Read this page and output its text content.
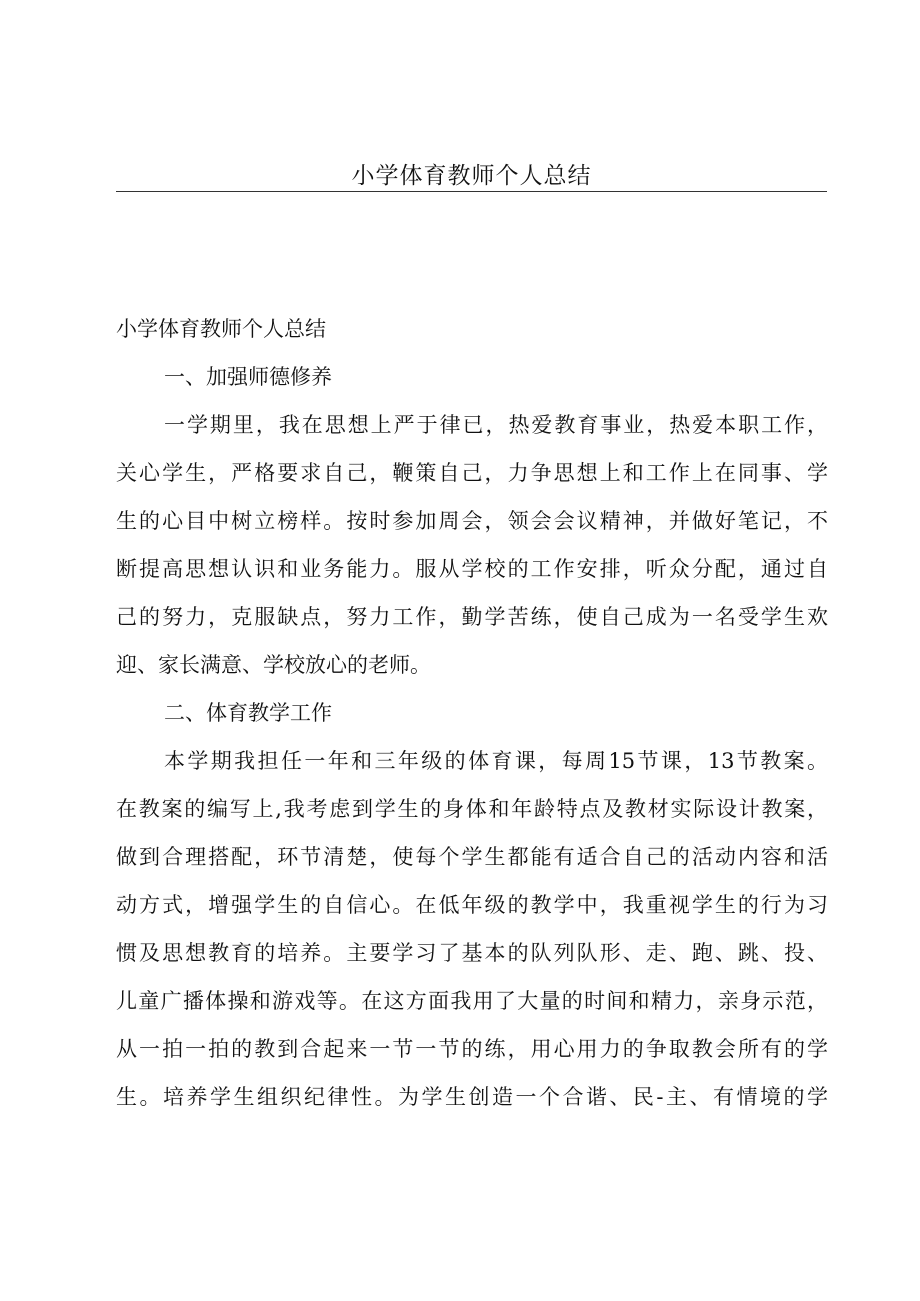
小学体育教师个人总结
小学体育教师个人总结
一、加强师德修养
一学期里，我在思想上严于律已，热爱教育事业，热爱本职工作，
关心学生，严格要求自己，鞭策自己，力争思想上和工作上在同事、学
生的心目中树立榜样。按时参加周会，领会会议精神，并做好笔记，不
断提高思想认识和业务能力。服从学校的工作安排，听众分配，通过自
己的努力，克服缺点，努力工作，勤学苦练，使自己成为一名受学生欢
迎、家长满意、学校放心的老师。
二、体育教学工作
本学期我担任一年和三年级的体育课，每周15节课，13节教案。
在教案的编写上,我考虑到学生的身体和年龄特点及教材实际设计教案，
做到合理搭配，环节清楚，使每个学生都能有适合自己的活动内容和活
动方式，增强学生的自信心。在低年级的教学中，我重视学生的行为习
惯及思想教育的培养。主要学习了基本的队列队形、走、跑、跳、投、
儿童广播体操和游戏等。在这方面我用了大量的时间和精力，亲身示范，
从一拍一拍的教到合起来一节一节的练，用心用力的争取教会所有的学
生。培养学生组织纪律性。为学生创造一个合谐、民-主、有情境的学
